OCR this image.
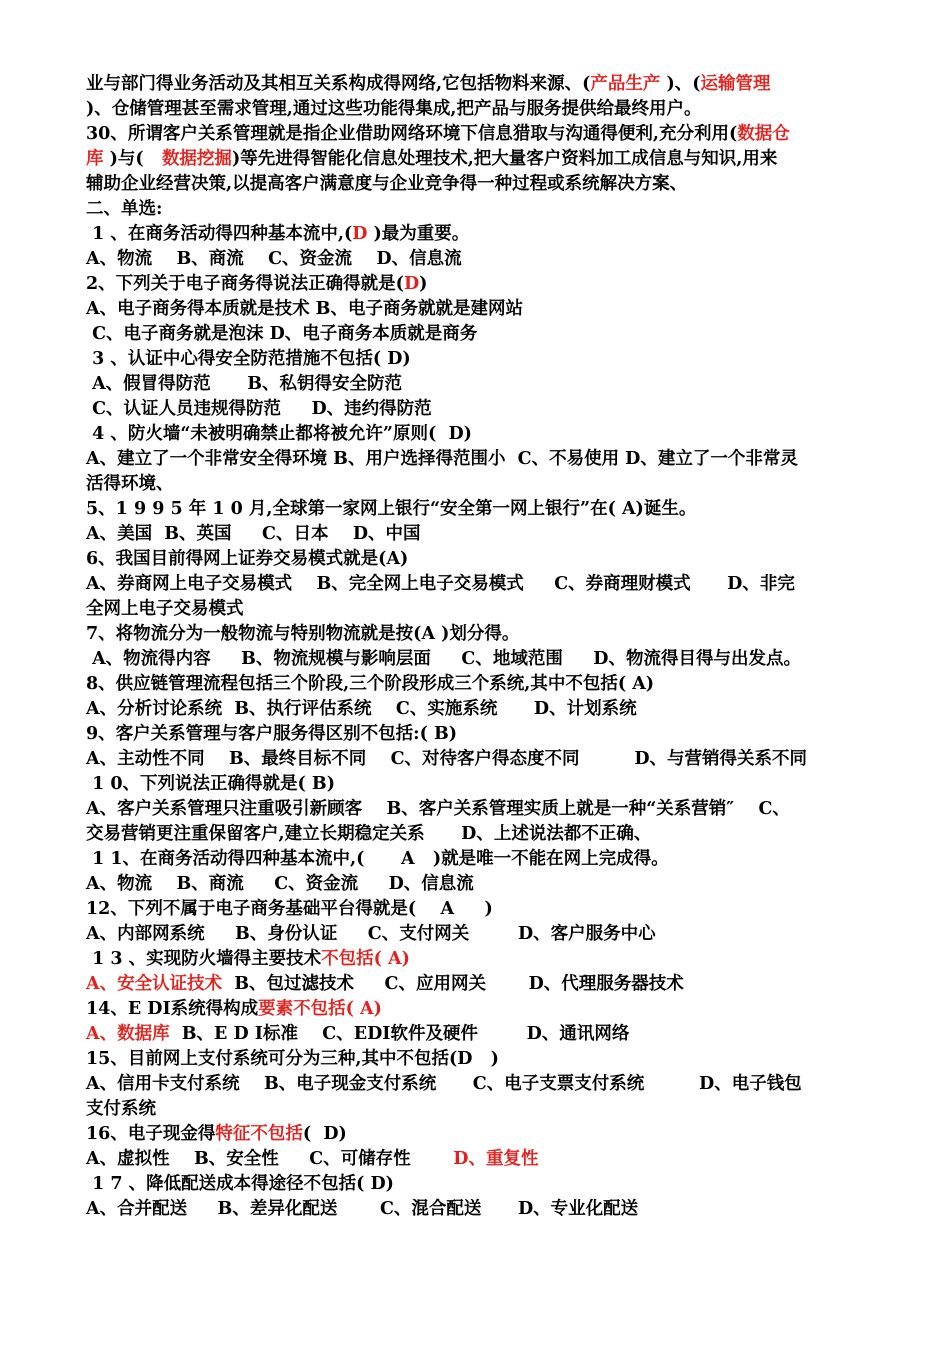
业与部门得业务活动及其相互关系构成得网络,它包括物料来源、(产品生产 )、(运输管理
)、仓储管理甚至需求管理,通过这些功能得集成,把产品与服务提供给最终用户。
30、所谓客户关系管理就是指企业借助网络环境下信息猎取与沟通得便利,充分利用(数据仓
库 )与(   数据挖掘)等先进得智能化信息处理技术,把大量客户资料加工成信息与知识,用来
辅助企业经营决策,以提高客户满意度与企业竞争得一种过程或系统解决方案、
二、单选:
1 、在商务活动得四种基本流中,(D )最为重要。
A、物流    B、商流    C、资金流    D、信息流
2、下列关于电子商务得说法正确得就是(D)
A、电子商务得本质就是技术 B、电子商务就就是建网站
C、电子商务就是泡沫 D、电子商务本质就是商务
3 、认证中心得安全防范措施不包括( D)
A、假冒得防范      B、私钥得安全防范
C、认证人员违规得防范     D、违约得防范
4 、防火墙“未被明确禁止都将被允许”原则(  D)
A、建立了一个非常安全得环境 B、用户选择得范围小  C、不易使用 D、建立了一个非常灵
活得环境、
5、1 9 9 5 年 1 0 月,全球第一家网上银行“安全第一网上银行”在( A)诞生。
A、美国  B、英国     C、日本    D、中国
6、我国目前得网上证券交易模式就是(A)
A、券商网上电子交易模式    B、完全网上电子交易模式     C、券商理财模式      D、非完
全网上电子交易模式
7、将物流分为一般物流与特别物流就是按(A )划分得。
A、物流得内容     B、物流规模与影响层面     C、地域范围     D、物流得目得与出发点。
8、供应链管理流程包括三个阶段,三个阶段形成三个系统,其中不包括( A)
A、分析讨论系统  B、执行评估系统    C、实施系统      D、计划系统
9、客户关系管理与客户服务得区别不包括:( B)
A、主动性不同    B、最终目标不同    C、对待客户得态度不同         D、与营销得关系不同
1 0、下列说法正确得就是( B)
A、客户关系管理只注重吸引新顾客    B、客户关系管理实质上就是一种“关系营销″    C、
交易营销更注重保留客户,建立长期稳定关系      D、上述说法都不正确、
1 1、在商务活动得四种基本流中,(      A   )就是唯一不能在网上完成得。
A、物流    B、商流     C、资金流     D、信息流
12、下列不属于电子商务基础平台得就是(    A     )
A、内部网系统     B、身份认证     C、支付网关        D、客户服务中心
1 3 、实现防火墙得主要技术不包括( A)
A、安全认证技术  B、包过滤技术     C、应用网关       D、代理服务器技术
14、E DI系统得构成要素不包括( A)
A、数据库  B、E D I标准    C、EDI软件及硬件        D、通讯网络
15、目前网上支付系统可分为三种,其中不包括(D   )
A、信用卡支付系统    B、电子现金支付系统      C、电子支票支付系统         D、电子钱包
支付系统
16、电子现金得特征不包括(  D)
A、虚拟性    B、安全性     C、可储存性       D、重复性
1 7 、降低配送成本得途径不包括( D)
A、合并配送     B、差异化配送       C、混合配送      D、专业化配送
